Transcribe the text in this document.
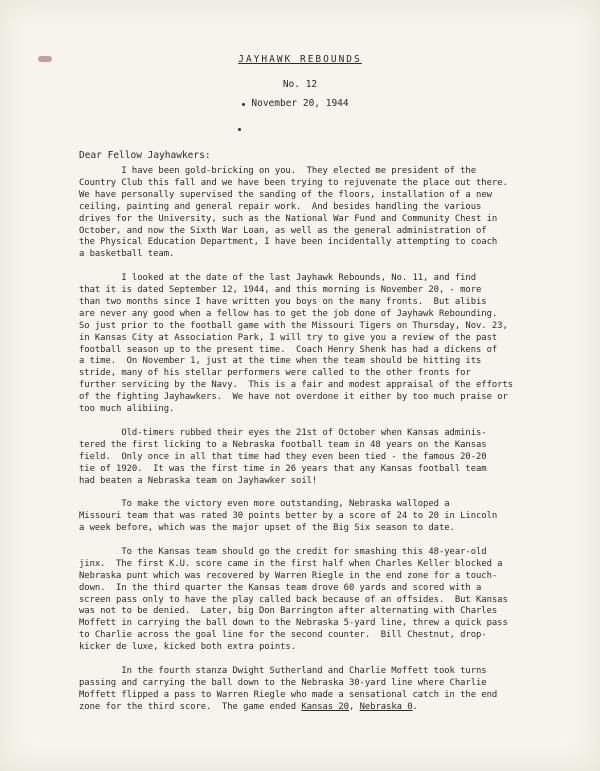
JAYHAWK REBOUNDS
No. 12
November 20, 1944
Dear Fellow Jayhawkers:
I have been gold-bricking on you.  They elected me president of the
Country Club this fall and we have been trying to rejuvenate the place out there.
We have personally supervised the sanding of the floors, installation of a new
ceiling, painting and general repair work.  And besides handling the various
drives for the University, such as the National War Fund and Community Chest in
October, and now the Sixth War Loan, as well as the general administration of
the Physical Education Department, I have been incidentally attempting to coach
a basketball team.
I looked at the date of the last Jayhawk Rebounds, No. 11, and find
that it is dated September 12, 1944, and this morning is November 20, - more
than two months since I have written you boys on the many fronts.  But alibis
are never any good when a fellow has to get the job done of Jayhawk Rebounding.
So just prior to the football game with the Missouri Tigers on Thursday, Nov. 23,
in Kansas City at Association Park, I will try to give you a review of the past
football season up to the present time.  Coach Henry Shenk has had a dickens of
a time.  On November 1, just at the time when the team should be hitting its
stride, many of his stellar performers were called to the other fronts for
further servicing by the Navy.  This is a fair and modest appraisal of the efforts
of the fighting Jayhawkers.  We have not overdone it either by too much praise or
too much alibiing.
Old-timers rubbed their eyes the 21st of October when Kansas adminis-
tered the first licking to a Nebraska football team in 48 years on the Kansas
field.  Only once in all that time had they even been tied - the famous 20-20
tie of 1920.  It was the first time in 26 years that any Kansas football team
had beaten a Nebraska team on Jayhawker soil!
To make the victory even more outstanding, Nebraska walloped a
Missouri team that was rated 30 points better by a score of 24 to 20 in Lincoln
a week before, which was the major upset of the Big Six season to date.
To the Kansas team should go the credit for smashing this 48-year-old
jinx.  The first K.U. score came in the first half when Charles Keller blocked a
Nebraska punt which was recovered by Warren Riegle in the end zone for a touch-
down.  In the third quarter the Kansas team drove 60 yards and scored with a
screen pass only to have the play called back because of an offsides.  But Kansas
was not to be denied.  Later, big Don Barrington after alternating with Charles
Moffett in carrying the ball down to the Nebraska 5-yard line, threw a quick pass
to Charlie across the goal line for the second counter.  Bill Chestnut, drop-
kicker de luxe, kicked both extra points.
In the fourth stanza Dwight Sutherland and Charlie Moffett took turns
passing and carrying the ball down to the Nebraska 30-yard line where Charlie
Moffett flipped a pass to Warren Riegle who made a sensational catch in the end
zone for the third score.  The game ended Kansas 20, Nebraska 0.
